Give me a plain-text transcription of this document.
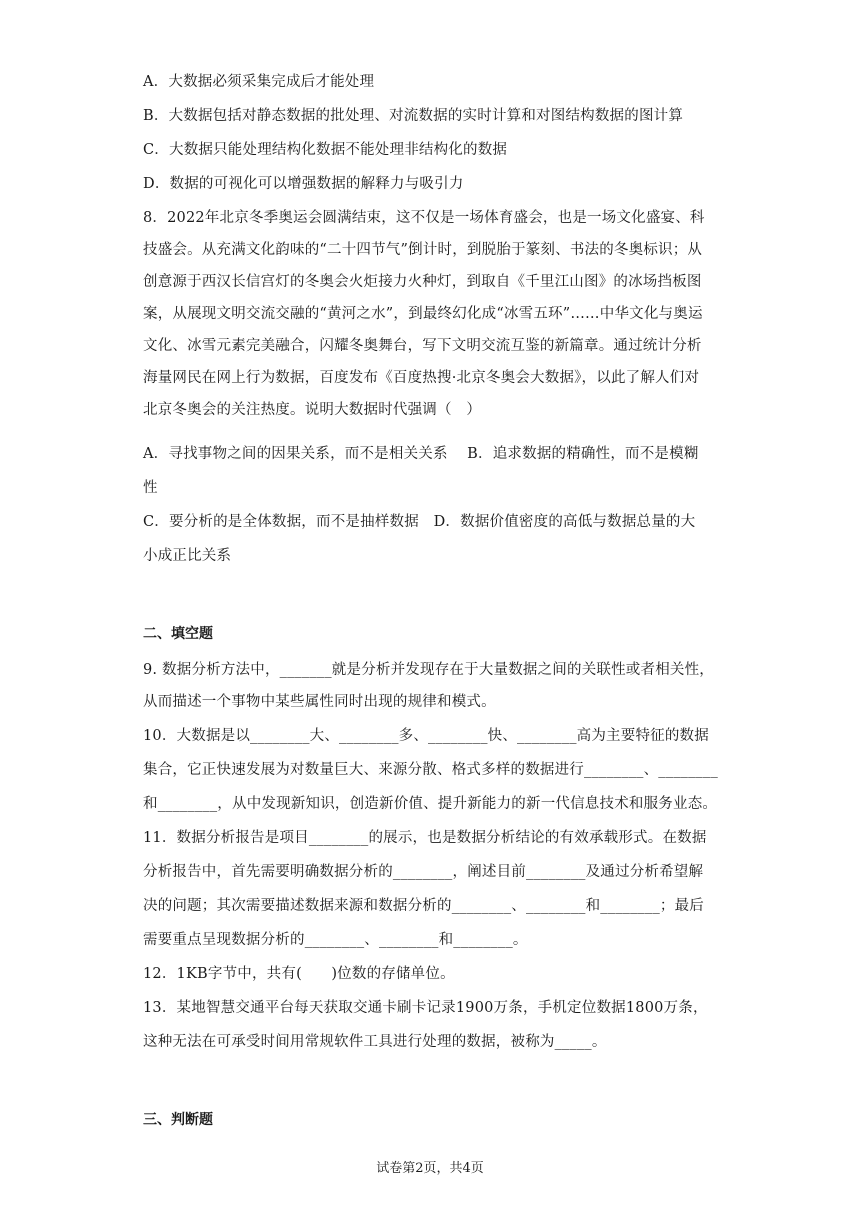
A．大数据必须采集完成后才能处理
B．大数据包括对静态数据的批处理、对流数据的实时计算和对图结构数据的图计算
C．大数据只能处理结构化数据不能处理非结构化的数据
D．数据的可视化可以增强数据的解释力与吸引力
8．2022年北京冬季奥运会圆满结束，这不仅是一场体育盛会，也是一场文化盛宴、科
技盛会。从充满文化韵味的“二十四节气”倒计时，到脱胎于篆刻、书法的冬奥标识；从
创意源于西汉长信宫灯的冬奥会火炬接力火种灯，到取自《千里江山图》的冰场挡板图
案，从展现文明交流交融的“黄河之水”，到最终幻化成“冰雪五环”……中华文化与奥运
文化、冰雪元素完美融合，闪耀冬奥舞台，写下文明交流互鉴的新篇章。通过统计分析
海量网民在网上行为数据，百度发布《百度热搜·北京冬奥会大数据》，以此了解人们对
北京冬奥会的关注热度。说明大数据时代强调（　）
A．寻找事物之间的因果关系，而不是相关关系　 B．追求数据的精确性，而不是模糊
性
C．要分析的是全体数据，而不是抽样数据　D．数据价值密度的高低与数据总量的大
小成正比关系
二、填空题
9. 数据分析方法中，_______就是分析并发现存在于大量数据之间的关联性或者相关性，
从而描述一个事物中某些属性同时出现的规律和模式。
10．大数据是以________大、________多、________快、________高为主要特征的数据
集合，它正快速发展为对数量巨大、来源分散、格式多样的数据进行________、________
和________，从中发现新知识，创造新价值、提升新能力的新一代信息技术和服务业态。
11．数据分析报告是项目________的展示，也是数据分析结论的有效承载形式。在数据
分析报告中，首先需要明确数据分析的________，阐述目前________及通过分析希望解
决的问题；其次需要描述数据来源和数据分析的________、________和________；最后
需要重点呈现数据分析的________、________和________。
12．1KB字节中，共有(　　)位数的存储单位。
13．某地智慧交通平台每天获取交通卡刷卡记录1900万条，手机定位数据1800万条，
这种无法在可承受时间用常规软件工具进行处理的数据，被称为_____。
三、判断题
试卷第2页，共4页
